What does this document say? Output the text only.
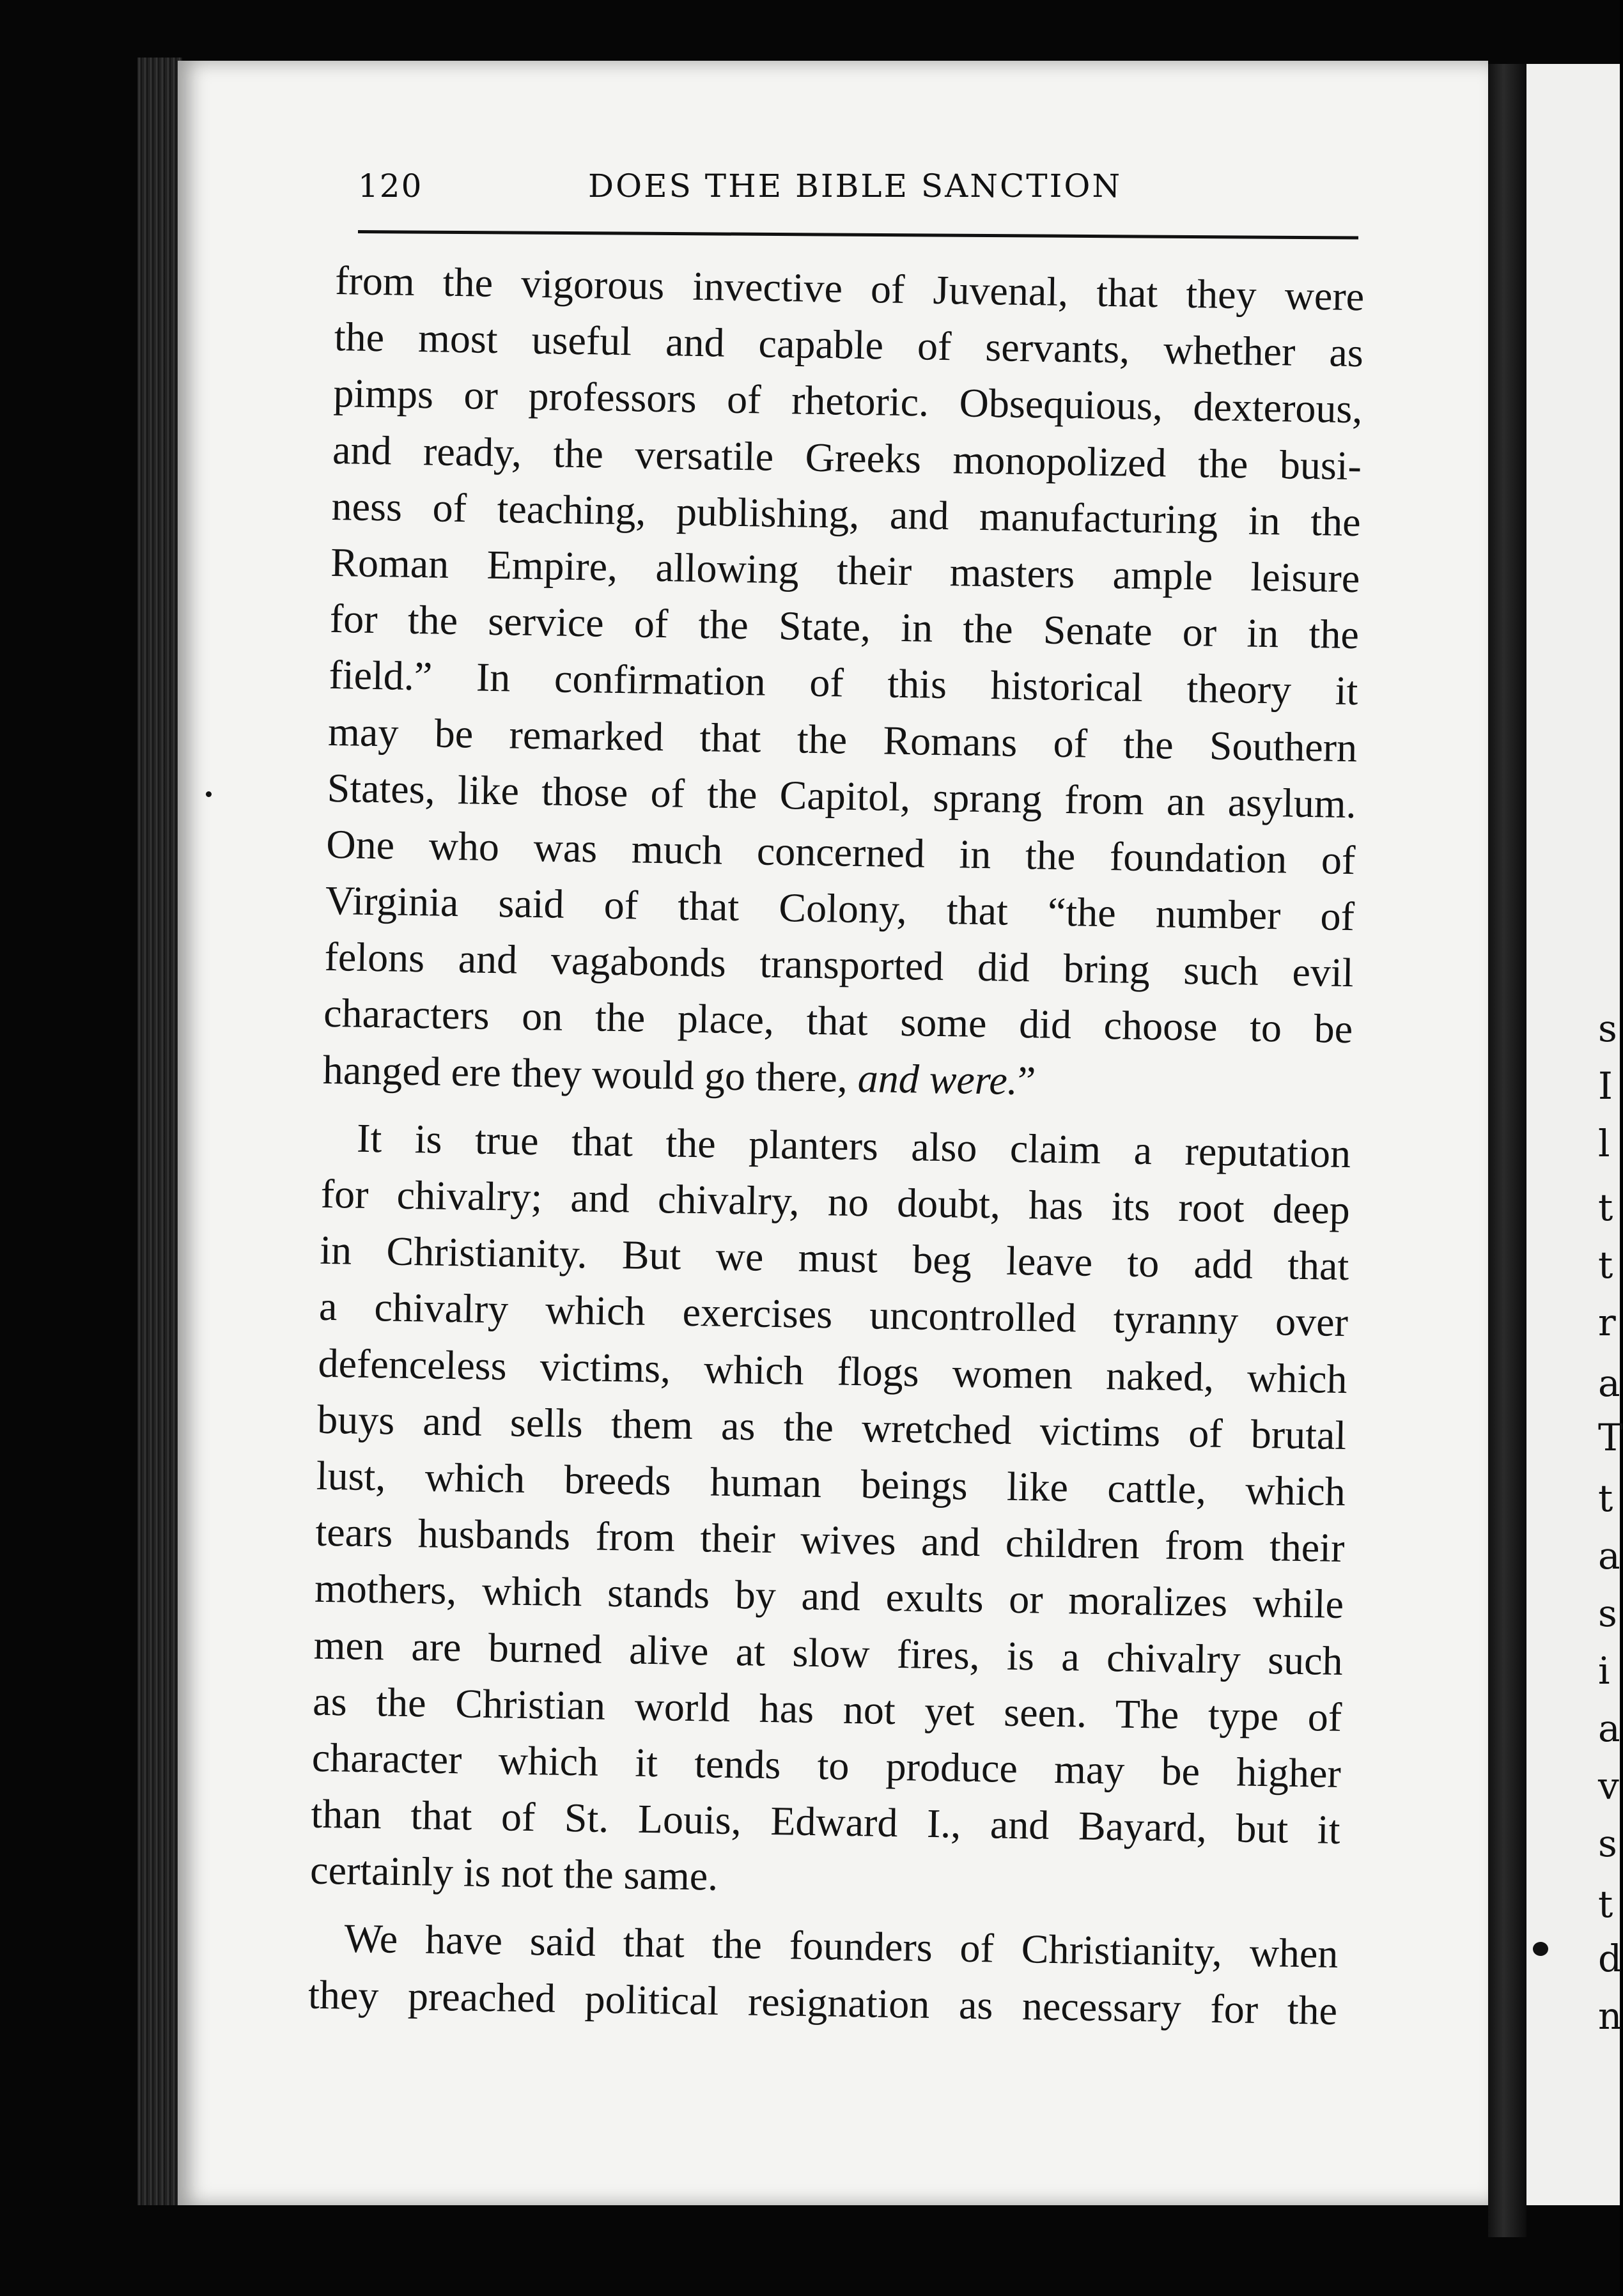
s
I
l
t
t
r
a
T
t
a
s
i
a
v
s
t
d
n
120	DOES THE BIBLE SANCTION
from the vigorous invective of Juvenal, that they were
the most useful and capable of servants, whether as
pimps or professors of rhetoric. Obsequious, dexterous,
and ready, the versatile Greeks monopolized the busi-
ness of teaching, publishing, and manufacturing in the
Roman Empire, allowing their masters ample leisure
for the service of the State, in the Senate or in the
field.” In confirmation of this historical theory it
may be remarked that the Romans of the Southern
States, like those of the Capitol, sprang from an asylum.
One who was much concerned in the foundation of
Virginia said of that Colony, that “the number of
felons and vagabonds transported did bring such evil
characters on the place, that some did choose to be
hanged ere they would go there, and were.”
It is true that the planters also claim a reputation
for chivalry; and chivalry, no doubt, has its root deep
in Christianity. But we must beg leave to add that
a chivalry which exercises uncontrolled tyranny over
defenceless victims, which flogs women naked, which
buys and sells them as the wretched victims of brutal
lust, which breeds human beings like cattle, which
tears husbands from their wives and children from their
mothers, which stands by and exults or moralizes while
men are burned alive at slow fires, is a chivalry such
as the Christian world has not yet seen. The type of
character which it tends to produce may be higher
than that of St. Louis, Edward I., and Bayard, but it
certainly is not the same.
We have said that the founders of Christianity, when
they preached political resignation as necessary for the
